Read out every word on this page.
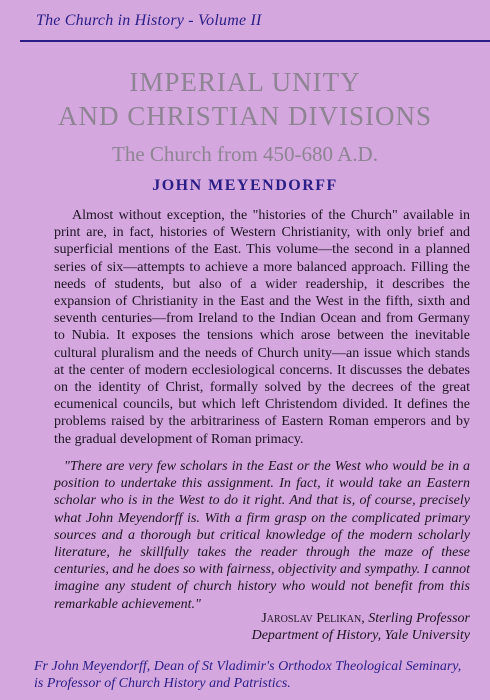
The Church in History - Volume II
IMPERIAL UNITY
AND CHRISTIAN DIVISIONS
The Church from 450-680 A.D.
JOHN MEYENDORFF

Almost without exception, the "histories of the Church" available in print are, in fact, histories of Western Christianity, with only brief and superficial mentions of the East. This volume—the second in a planned series of six—attempts to achieve a more balanced approach. Filling the needs of students, but also of a wider readership, it describes the expansion of Christianity in the East and the West in the fifth, sixth and seventh centuries—from Ireland to the Indian Ocean and from Germany to Nubia. It exposes the tensions which arose between the inevitable cultural pluralism and the needs of Church unity—an issue which stands at the center of modern ecclesiological concerns. It discusses the debates on the identity of Christ, formally solved by the decrees of the great ecumenical councils, but which left Christendom divided. It defines the problems raised by the arbitrariness of Eastern Roman emperors and by the gradual development of Roman primacy.

"There are very few scholars in the East or the West who would be in a position to undertake this assignment. In fact, it would take an Eastern scholar who is in the West to do it right. And that is, of course, precisely what John Meyendorff is. With a firm grasp on the complicated primary sources and a thorough but critical knowledge of the modern scholarly literature, he skillfully takes the reader through the maze of these centuries, and he does so with fairness, objectivity and sympathy. I cannot imagine any student of church history who would not benefit from this remarkable achievement."

Jaroslav Pelikan, Sterling Professor
Department of History, Yale University

Fr John Meyendorff, Dean of St Vladimir's Orthodox Theological Seminary, is Professor of Church History and Patristics.
